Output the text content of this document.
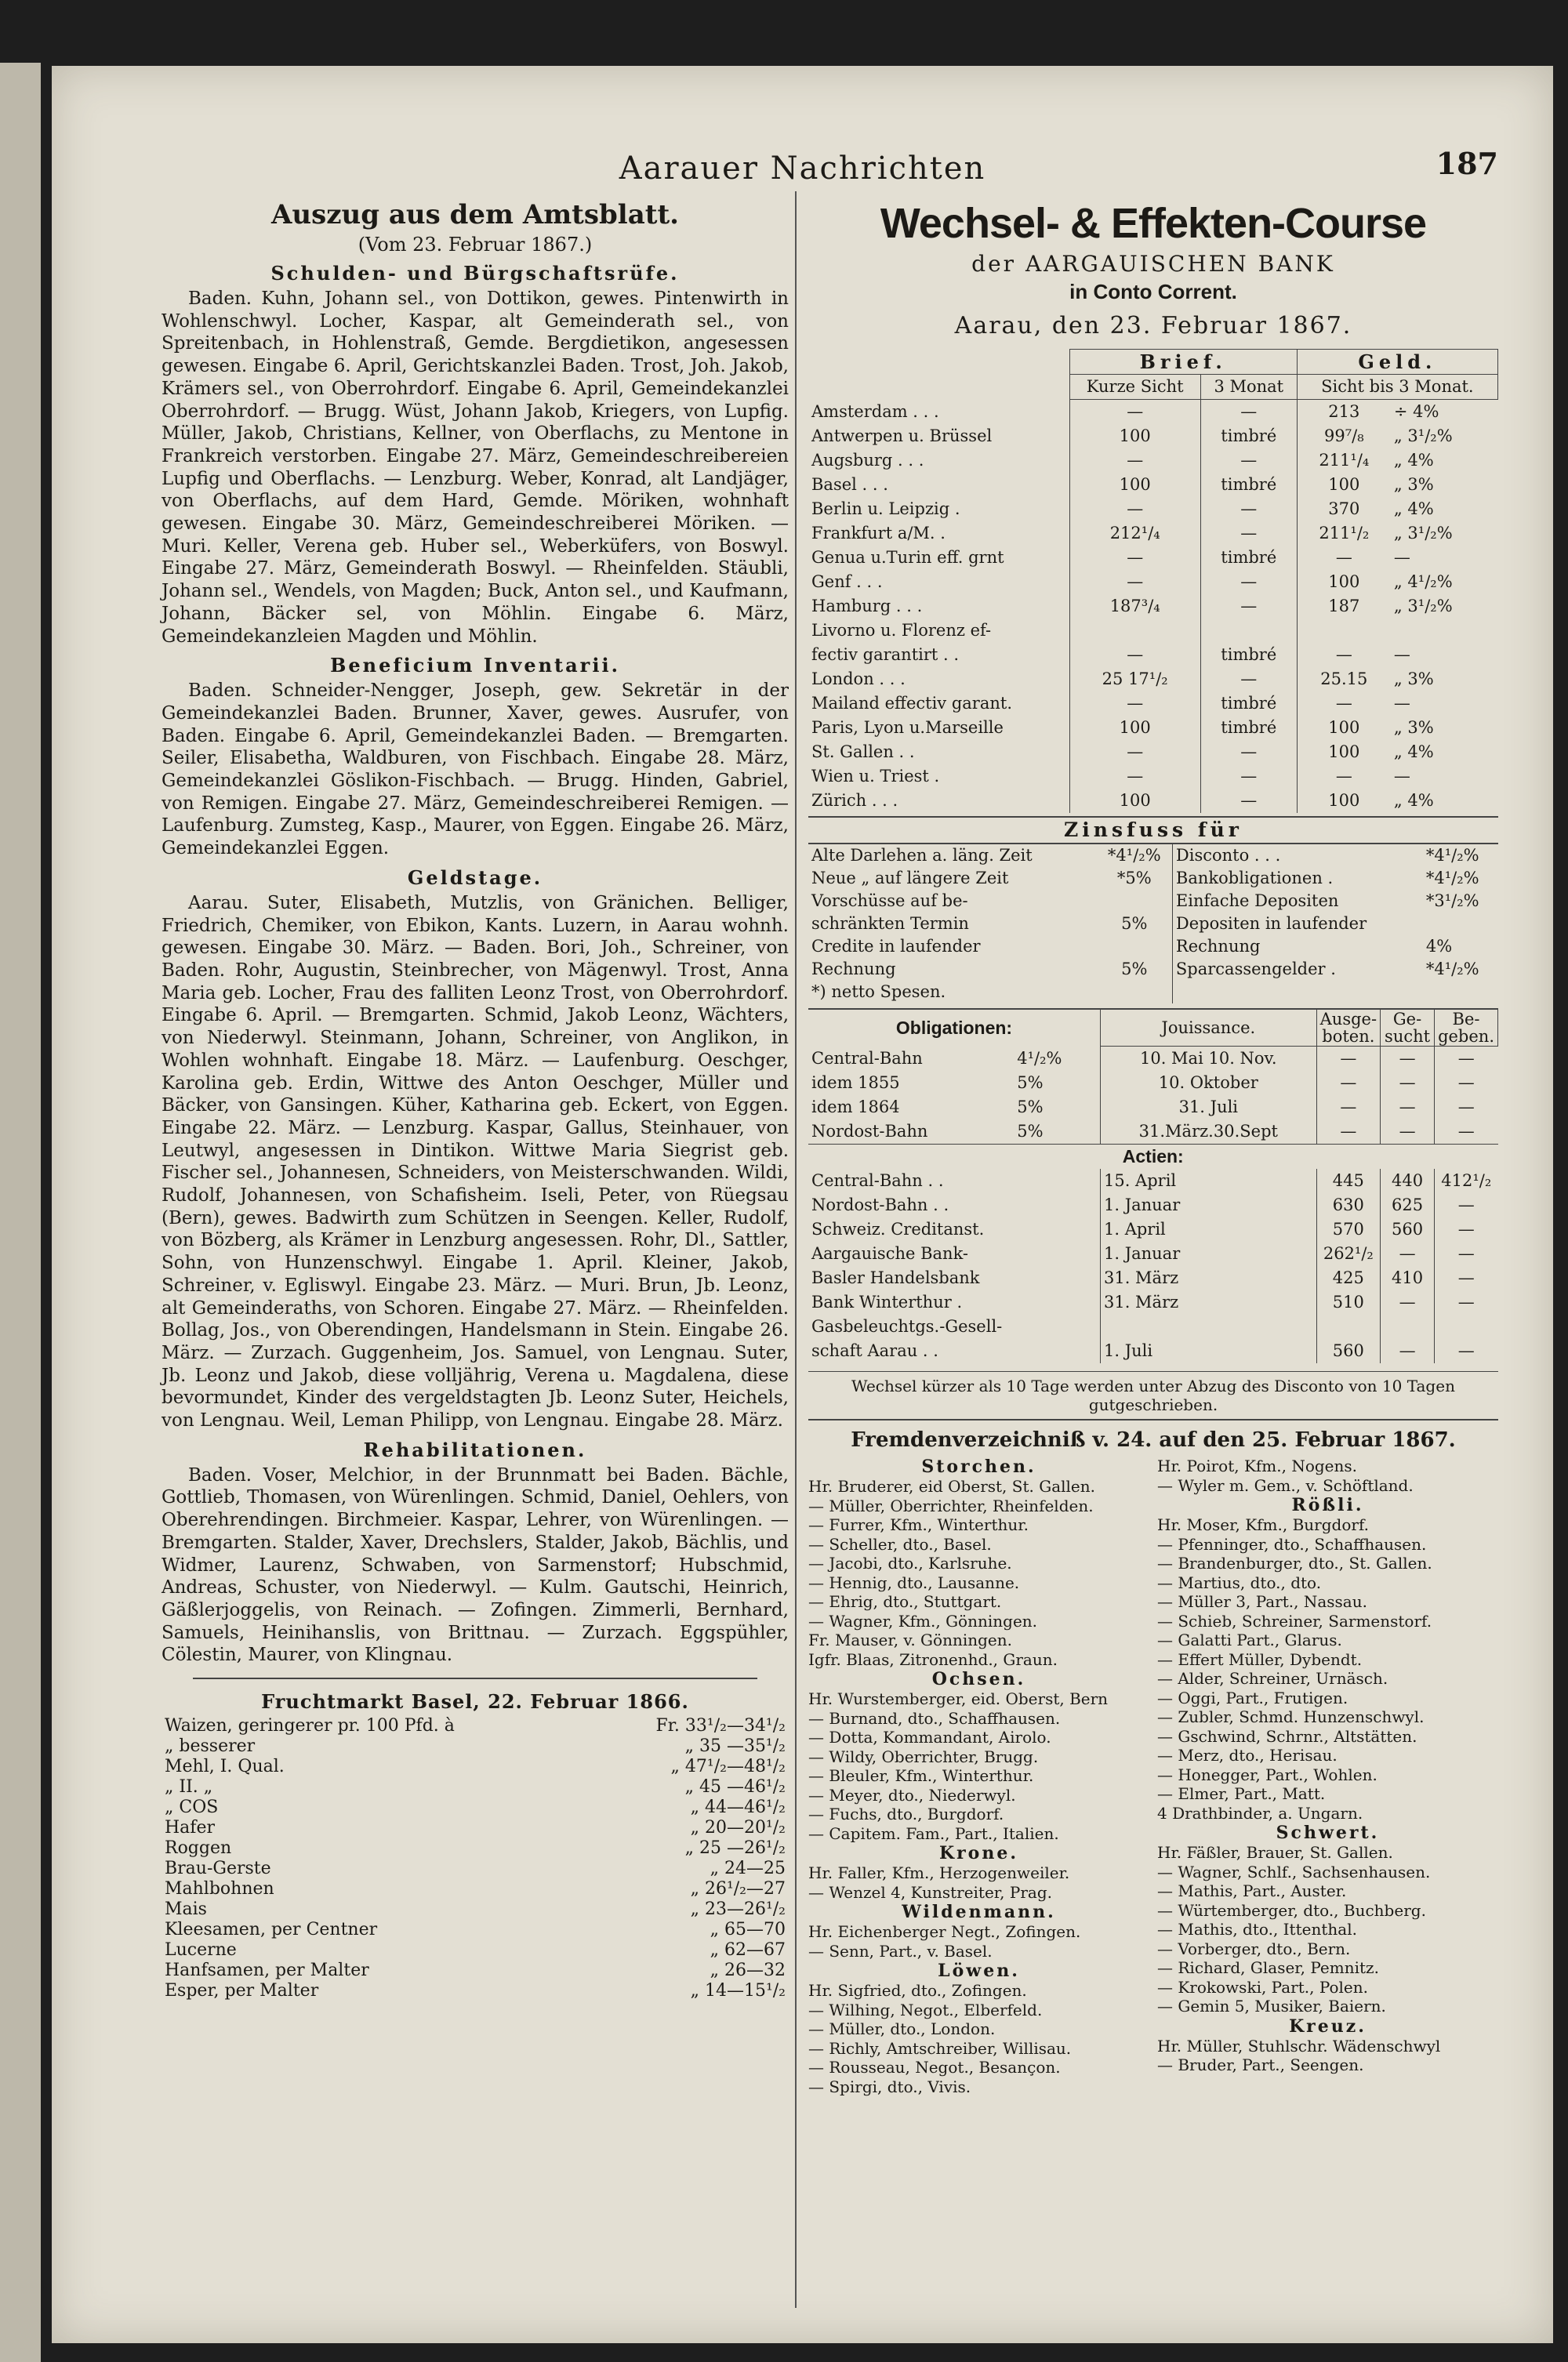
Aarauer Nachrichten	187
Auszug aus dem Amtsblatt.
(Vom 23. Februar 1867.)
Schulden- und Bürgschaftsrüfe.

Baden. Kuhn, Johann sel., von Dottikon, gewes. Pintenwirth in Wohlenschwyl. Locher, Kaspar, alt Gemeinderath sel., von Spreitenbach, in Hohlenstraß, Gemde. Bergdietikon, angesessen gewesen. Eingabe 6. April, Gerichtskanzlei Baden. Trost, Joh. Jakob, Krämers sel., von Oberrohrdorf. Eingabe 6. April, Gemeindekanzlei Oberrohrdorf. — Brugg. Wüst, Johann Jakob, Kriegers, von Lupfig. Müller, Jakob, Christians, Kellner, von Oberflachs, zu Mentone in Frankreich verstorben. Eingabe 27. März, Gemeindeschreibereien Lupfig und Oberflachs. — Lenzburg. Weber, Konrad, alt Landjäger, von Oberflachs, auf dem Hard, Gemde. Möriken, wohnhaft gewesen. Eingabe 30. März, Gemeindeschreiberei Möriken. — Muri. Keller, Verena geb. Huber sel., Weberküfers, von Boswyl. Eingabe 27. März, Gemeinderath Boswyl. — Rheinfelden. Stäubli, Johann sel., Wendels, von Magden; Buck, Anton sel., und Kaufmann, Johann, Bäcker sel, von Möhlin. Eingabe 6. März, Gemeindekanzleien Magden und Möhlin.

Beneficium Inventarii.

Baden. Schneider-Nengger, Joseph, gew. Sekretär in der Gemeindekanzlei Baden. Brunner, Xaver, gewes. Ausrufer, von Baden. Eingabe 6. April, Gemeindekanzlei Baden. — Bremgarten. Seiler, Elisabetha, Waldburen, von Fischbach. Eingabe 28. März, Gemeindekanzlei Göslikon-Fischbach. — Brugg. Hinden, Gabriel, von Remigen. Eingabe 27. März, Gemeindeschreiberei Remigen. — Laufenburg. Zumsteg, Kasp., Maurer, von Eggen. Eingabe 26. März, Gemeindekanzlei Eggen.

Geldstage.

Aarau. Suter, Elisabeth, Mutzlis, von Gränichen. Belliger, Friedrich, Chemiker, von Ebikon, Kants. Luzern, in Aarau wohnh. gewesen. Eingabe 30. März. — Baden. Bori, Joh., Schreiner, von Baden. Rohr, Augustin, Steinbrecher, von Mägenwyl. Trost, Anna Maria geb. Locher, Frau des falliten Leonz Trost, von Oberrohrdorf. Eingabe 6. April. — Bremgarten. Schmid, Jakob Leonz, Wächters, von Niederwyl. Steinmann, Johann, Schreiner, von Anglikon, in Wohlen wohnhaft. Eingabe 18. März. — Laufenburg. Oeschger, Karolina geb. Erdin, Wittwe des Anton Oeschger, Müller und Bäcker, von Gansingen. Küher, Katharina geb. Eckert, von Eggen. Eingabe 22. März. — Lenzburg. Kaspar, Gallus, Steinhauer, von Leutwyl, angesessen in Dintikon. Wittwe Maria Siegrist geb. Fischer sel., Johannesen, Schneiders, von Meisterschwanden. Wildi, Rudolf, Johannesen, von Schafisheim. Iseli, Peter, von Rüegsau (Bern), gewes. Badwirth zum Schützen in Seengen. Keller, Rudolf, von Bözberg, als Krämer in Lenzburg angesessen. Rohr, Dl., Sattler, Sohn, von Hunzenschwyl. Eingabe 1. April. Kleiner, Jakob, Schreiner, v. Egliswyl. Eingabe 23. März. — Muri. Brun, Jb. Leonz, alt Gemeinderaths, von Schoren. Eingabe 27. März. — Rheinfelden. Bollag, Jos., von Oberendingen, Handelsmann in Stein. Eingabe 26. März. — Zurzach. Guggenheim, Jos. Samuel, von Lengnau. Suter, Jb. Leonz und Jakob, diese volljährig, Verena u. Magdalena, diese bevormundet, Kinder des vergeldstagten Jb. Leonz Suter, Heichels, von Lengnau. Weil, Leman Philipp, von Lengnau. Eingabe 28. März.

Rehabilitationen.

Baden. Voser, Melchior, in der Brunnmatt bei Baden. Bächle, Gottlieb, Thomasen, von Würenlingen. Schmid, Daniel, Oehlers, von Oberehrendingen. Birchmeier. Kaspar, Lehrer, von Würenlingen. — Bremgarten. Stalder, Xaver, Drechslers, Stalder, Jakob, Bächlis, und Widmer, Laurenz, Schwaben, von Sarmenstorf; Hubschmid, Andreas, Schuster, von Niederwyl. — Kulm. Gautschi, Heinrich, Gäßlerjoggelis, von Reinach. — Zofingen. Zimmerli, Bernhard, Samuels, Heinihanslis, von Brittnau. — Zurzach. Eggspühler, Cölestin, Maurer, von Klingnau.

Fruchtmarkt Basel, 22. Februar 1866.
Waizen, geringerer pr. 100 Pfd. à	Fr. 33¹/₂—34¹/₂
„ besserer	„ 35 —35¹/₂
Mehl, I. Qual.	„ 47¹/₂—48¹/₂
„ II. „	„ 45 —46¹/₂
„ COS	„ 44—46¹/₂
Hafer	„ 20—20¹/₂
Roggen	„ 25 —26¹/₂
Brau-Gerste	„ 24—25
Mahlbohnen	„ 26¹/₂—27
Mais	„ 23—26¹/₂
Kleesamen, per Centner	„ 65—70
Lucerne	„ 62—67
Hanfsamen, per Malter	„ 26—32
Esper, per Malter	„ 14—15¹/₂
Wechsel- & Effekten-Course
der AARGAUISCHEN BANK
in Conto Corrent.
Aarau, den 23. Februar 1867.
	Brief.		Geld.	
	Kurze Sicht	3 Monat	Sicht bis 3 Monat.	
Amsterdam . . .	—	—	213	÷ 4%
Antwerpen u. Brüssel	100	timbré	99⁷/₈	„ 3¹/₂%
Augsburg . . .	—	—	211¹/₄	„ 4%
Basel . . .	100	timbré	100	„ 3%
Berlin u. Leipzig .	—	—	370	„ 4%
Frankfurt a/M. .	212¹/₄	—	211¹/₂	„ 3¹/₂%
Genua u.Turin eff. grnt	—	timbré	—	—
Genf . . .	—	—	100	„ 4¹/₂%
Hamburg . . .	187³/₄	—	187	„ 3¹/₂%
Livorno u. Florenz ef-				
fectiv garantirt . .	—	timbré	—	—
London . . .	25 17¹/₂	—	25.15	„ 3%
Mailand effectiv garant.	—	timbré	—	—
Paris, Lyon u.Marseille	100	timbré	100	„ 3%
St. Gallen . .	—	—	100	„ 4%
Wien u. Triest .	—	—	—	—
Zürich . . .	100	—	100	„ 4%
Zinsfuss für
Alte Darlehen a. läng. Zeit	*4¹/₂%	Disconto . . .	*4¹/₂%
Neue „ auf längere Zeit	*5%	Bankobligationen .	*4¹/₂%
Vorschüsse auf be-		Einfache Depositen	*3¹/₂%
schränkten Termin	5%	Depositen in laufender	
Credite in laufender		Rechnung	4%
Rechnung	5%	Sparcassengelder .	*4¹/₂%
*) netto Spesen.			
Obligationen:		Jouissance.	Ausge- boten.	Ge- sucht	Be- geben.
Central-Bahn	4¹/₂%	10. Mai 10. Nov.	—	—	—
idem 1855	5%	10. Oktober	—	—	—
idem 1864	5%	31. Juli	—	—	—
Nordost-Bahn	5%	31.März.30.Sept	—	—	—
Actien:					
Central-Bahn . .		15. April	445	440	412¹/₂
Nordost-Bahn . .		1. Januar	630	625	—
Schweiz. Creditanst.		1. April	570	560	—
Aargauische Bank-		1. Januar	262¹/₂	—	—
Basler Handelsbank		31. März	425	410	—
Bank Winterthur .		31. März	510	—	—
Gasbeleuchtgs.-Gesell-					
schaft Aarau . .		1. Juli	560	—	—
Wechsel kürzer als 10 Tage werden unter Abzug des Disconto von 10 Tagen gutgeschrieben.
Fremdenverzeichniß v. 24. auf den 25. Februar 1867.
Storchen.
Hr. Bruderer, eid Oberst, St. Gallen.
— Müller, Oberrichter, Rheinfelden.
— Furrer, Kfm., Winterthur.
— Scheller, dto., Basel.
— Jacobi, dto., Karlsruhe.
— Hennig, dto., Lausanne.
— Ehrig, dto., Stuttgart.
— Wagner, Kfm., Gönningen.
Fr. Mauser, v. Gönningen.
Igfr. Blaas, Zitronenhd., Graun.
Ochsen.
Hr. Wurstemberger, eid. Oberst, Bern
— Burnand, dto., Schaffhausen.
— Dotta, Kommandant, Airolo.
— Wildy, Oberrichter, Brugg.
— Bleuler, Kfm., Winterthur.
— Meyer, dto., Niederwyl.
— Fuchs, dto., Burgdorf.
— Capitem. Fam., Part., Italien.
Krone.
Hr. Faller, Kfm., Herzogenweiler.
— Wenzel 4, Kunstreiter, Prag.
Wildenmann.
Hr. Eichenberger Negt., Zofingen.
— Senn, Part., v. Basel.
Löwen.
Hr. Sigfried, dto., Zofingen.
— Wilhing, Negot., Elberfeld.
— Müller, dto., London.
— Richly, Amtschreiber, Willisau.
— Rousseau, Negot., Besançon.
— Spirgi, dto., Vivis.
Hr. Poirot, Kfm., Nogens.
— Wyler m. Gem., v. Schöftland.
Rößli.
Hr. Moser, Kfm., Burgdorf.
— Pfenninger, dto., Schaffhausen.
— Brandenburger, dto., St. Gallen.
— Martius, dto., dto.
— Müller 3, Part., Nassau.
— Schieb, Schreiner, Sarmenstorf.
— Galatti Part., Glarus.
— Effert Müller, Dybendt.
— Alder, Schreiner, Urnäsch.
— Oggi, Part., Frutigen.
— Zubler, Schmd. Hunzenschwyl.
— Gschwind, Schrnr., Altstätten.
— Merz, dto., Herisau.
— Honegger, Part., Wohlen.
— Elmer, Part., Matt.
4 Drathbinder, a. Ungarn.
Schwert.
Hr. Fäßler, Brauer, St. Gallen.
— Wagner, Schlf., Sachsenhausen.
— Mathis, Part., Auster.
— Würtemberger, dto., Buchberg.
— Mathis, dto., Ittenthal.
— Vorberger, dto., Bern.
— Richard, Glaser, Pemnitz.
— Krokowski, Part., Polen.
— Gemin 5, Musiker, Baiern.
Kreuz.
Hr. Müller, Stuhlschr. Wädenschwyl
— Bruder, Part., Seengen.
